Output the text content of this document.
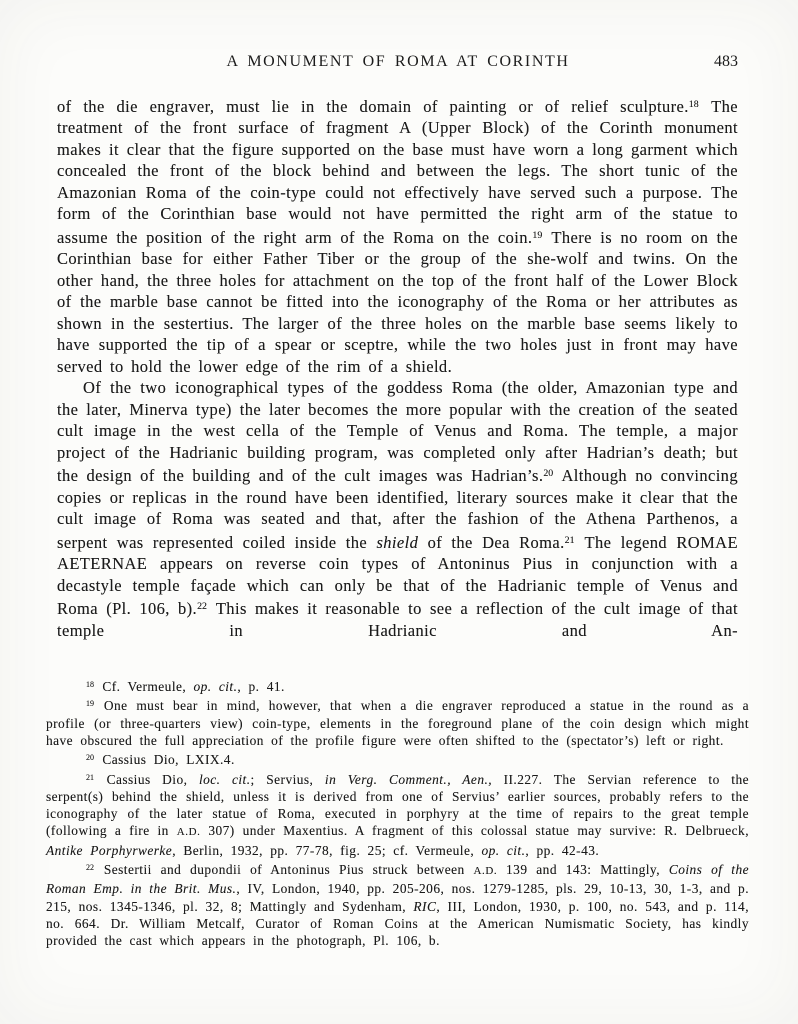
A MONUMENT OF ROMA AT CORINTH	483

of the die engraver, must lie in the domain of painting or of relief sculpture.$^{18}$ The treatment of the front surface of fragment A (Upper Block) of the Corinth monument makes it clear that the figure supported on the base must have worn a long garment which concealed the front of the block behind and between the legs. The short tunic of the Amazonian Roma of the coin-type could not effectively have served such a purpose. The form of the Corinthian base would not have permitted the right arm of the statue to assume the position of the right arm of the Roma on the coin.$^{19}$ There is no room on the Corinthian base for either Father Tiber or the group of the she-wolf and twins. On the other hand, the three holes for attachment on the top of the front half of the Lower Block of the marble base cannot be fitted into the iconography of the Roma or her attributes as shown in the sestertius. The larger of the three holes on the marble base seems likely to have supported the tip of a spear or sceptre, while the two holes just in front may have served to hold the lower edge of the rim of a shield.

Of the two iconographical types of the goddess Roma (the older, Amazonian type and the later, Minerva type) the later becomes the more popular with the creation of the seated cult image in the west cella of the Temple of Venus and Roma. The temple, a major project of the Hadrianic building program, was completed only after Hadrian’s death; but the design of the building and of the cult images was Hadrian’s.$^{20}$ Although no convincing copies or replicas in the round have been identified, literary sources make it clear that the cult image of Roma was seated and that, after the fashion of the Athena Parthenos, a serpent was represented coiled inside the shield of the Dea Roma.$^{21}$ The legend ROMAE AETERNAE appears on reverse coin types of Antoninus Pius in conjunction with a decastyle temple façade which can only be that of the Hadrianic temple of Venus and Roma (Pl. 106, b).$^{22}$ This makes it reasonable to see a reflection of the cult image of that temple in Hadrianic and An-

$^{18}$ Cf. Vermeule, op. cit., p. 41.

$^{19}$ One must bear in mind, however, that when a die engraver reproduced a statue in the round as a profile (or three-quarters view) coin-type, elements in the foreground plane of the coin design which might have obscured the full appreciation of the profile figure were often shifted to the (spectator’s) left or right.

$^{20}$ Cassius Dio, LXIX.4.

$^{21}$ Cassius Dio, loc. cit.; Servius, in Verg. Comment., Aen., II.227. The Servian reference to the serpent(s) behind the shield, unless it is derived from one of Servius’ earlier sources, probably refers to the iconography of the later statue of Roma, executed in porphyry at the time of repairs to the great temple (following a fire in A.D. 307) under Maxentius. A fragment of this colossal statue may survive: R. Delbrueck, Antike Porphyrwerke, Berlin, 1932, pp. 77-78, fig. 25; cf. Vermeule, op. cit., pp. 42-43.

$^{22}$ Sestertii and dupondii of Antoninus Pius struck between A.D. 139 and 143: Mattingly, Coins of the Roman Emp. in the Brit. Mus., IV, London, 1940, pp. 205-206, nos. 1279-1285, pls. 29, 10-13, 30, 1-3, and p. 215, nos. 1345-1346, pl. 32, 8; Mattingly and Sydenham, RIC, III, London, 1930, p. 100, no. 543, and p. 114, no. 664. Dr. William Metcalf, Curator of Roman Coins at the American Numismatic Society, has kindly provided the cast which appears in the photograph, Pl. 106, b.
